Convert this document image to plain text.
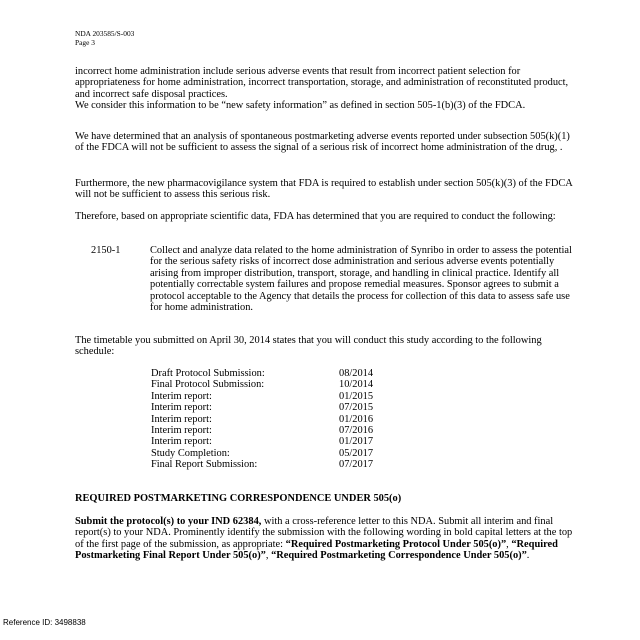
NDA 203585/S-003
Page 3

incorrect home administration include serious adverse events that result from incorrect patient selection for appropriateness for home administration, incorrect transportation, storage, and administration of reconstituted product, and incorrect safe disposal practices.

We consider this information to be “new safety information” as defined in section 505-1(b)(3) of the FDCA.

We have determined that an analysis of spontaneous postmarketing adverse events reported under subsection 505(k)(1) of the FDCA will not be sufficient to assess the signal of a serious risk of incorrect home administration of the drug, .

Furthermore, the new pharmacovigilance system that FDA is required to establish under section 505(k)(3) of the FDCA will not be sufficient to assess this serious risk.

Therefore, based on appropriate scientific data, FDA has determined that you are required to conduct the following:

2150-1	Collect and analyze data related to the home administration of Synribo in order to assess the potential for the serious safety risks of incorrect dose administration and serious adverse events potentially arising from improper distribution, transport, storage, and handling in clinical practice. Identify all potentially correctable system failures and propose remedial measures. Sponsor agrees to submit a protocol acceptable to the Agency that details the process for collection of this data to assess safe use for home administration.

The timetable you submitted on April 30, 2014 states that you will conduct this study according to the following schedule:

Draft Protocol Submission:	08/2014
Final Protocol Submission:	10/2014
Interim report:	01/2015
Interim report:	07/2015
Interim report:	01/2016
Interim report:	07/2016
Interim report:	01/2017
Study Completion:	05/2017
Final Report Submission:	07/2017
REQUIRED POSTMARKETING CORRESPONDENCE UNDER 505(o)

Submit the protocol(s) to your IND 62384, with a cross-reference letter to this NDA. Submit all interim and final report(s) to your NDA. Prominently identify the submission with the following wording in bold capital letters at the top of the first page of the submission, as appropriate: “Required Postmarketing Protocol Under 505(o)”, “Required Postmarketing Final Report Under 505(o)”, “Required Postmarketing Correspondence Under 505(o)”.

Reference ID: 3498838
